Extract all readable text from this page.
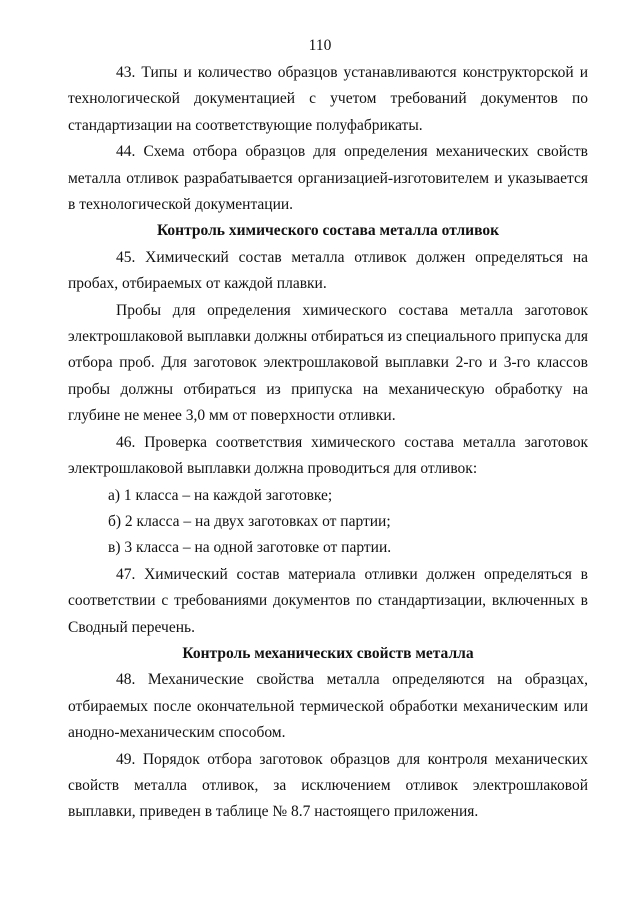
110

43. Типы и количество образцов устанавливаются конструкторской и технологической документацией с учетом требований документов по стандартизации на соответствующие полуфабрикаты.

44. Схема отбора образцов для определения механических свойств металла отливок разрабатывается организацией-изготовителем и указывается в технологической документации.

Контроль химического состава металла отливок

45. Химический состав металла отливок должен определяться на пробах, отбираемых от каждой плавки.

Пробы для определения химического состава металла заготовок электрошлаковой выплавки должны отбираться из специального припуска для отбора проб. Для заготовок электрошлаковой выплавки 2-го и 3-го классов пробы должны отбираться из припуска на механическую обработку на глубине не менее 3,0 мм от поверхности отливки.

46. Проверка соответствия химического состава металла заготовок электрошлаковой выплавки должна проводиться для отливок:

а) 1 класса – на каждой заготовке;

б) 2 класса – на двух заготовках от партии;

в) 3 класса – на одной заготовке от партии.

47. Химический состав материала отливки должен определяться в соответствии с требованиями документов по стандартизации, включенных в Сводный перечень.

Контроль механических свойств металла

48. Механические свойства металла определяются на образцах, отбираемых после окончательной термической обработки механическим или анодно-механическим способом.

49. Порядок отбора заготовок образцов для контроля механических свойств металла отливок, за исключением отливок электрошлаковой выплавки, приведен в таблице № 8.7 настоящего приложения.
